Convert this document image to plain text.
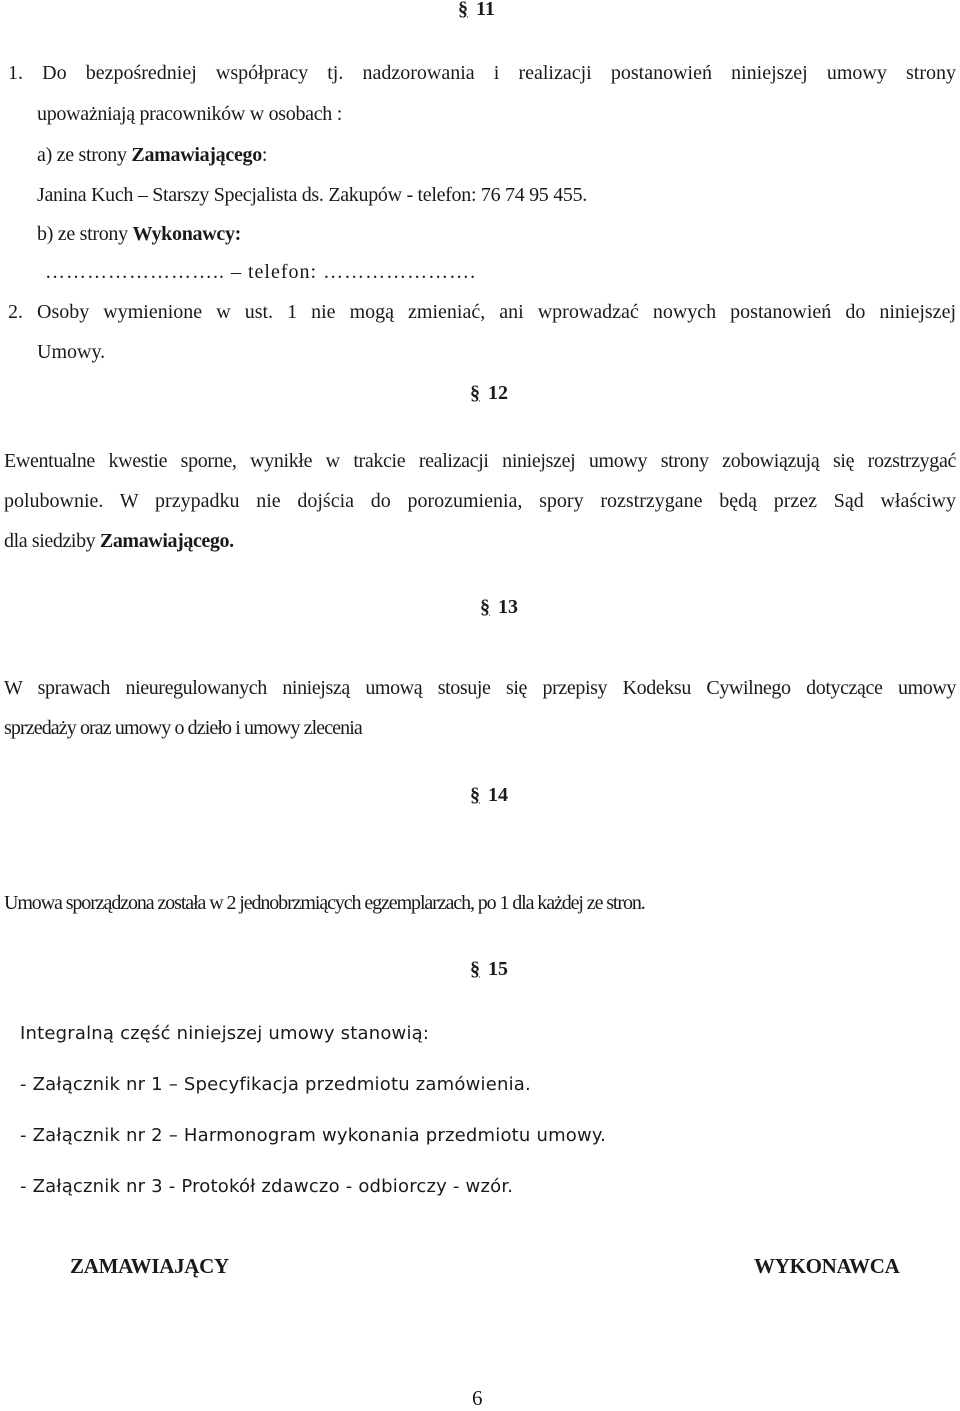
§ 11
1. Do bezpośredniej współpracy tj. nadzorowania i realizacji postanowień niniejszej umowy strony
upoważniają pracowników w osobach :
a) ze strony Zamawiającego:
Janina Kuch – Starszy Specjalista ds. Zakupów - telefon: 76 74 95 455.
b) ze strony Wykonawcy:
…………………….. – telefon: ………………….
2. Osoby wymienione w ust. 1 nie mogą zmieniać, ani wprowadzać nowych postanowień do niniejszej
Umowy.
§ 12
Ewentualne kwestie sporne, wynikłe w trakcie realizacji niniejszej umowy strony zobowiązują się rozstrzygać
polubownie. W przypadku nie dojścia do porozumienia, spory rozstrzygane będą przez Sąd właściwy
dla siedziby Zamawiającego.
§ 13
W sprawach nieuregulowanych niniejszą umową stosuje się przepisy Kodeksu Cywilnego dotyczące umowy
sprzedaży oraz umowy o dzieło i umowy zlecenia
§ 14
Umowa sporządzona została w 2 jednobrzmiących egzemplarzach, po 1 dla każdej ze stron.
§ 15
Integralną część niniejszej umowy stanowią:
- Załącznik nr 1 – Specyfikacja przedmiotu zamówienia.
- Załącznik nr 2 – Harmonogram wykonania przedmiotu umowy.
- Załącznik nr 3 - Protokół zdawczo - odbiorczy - wzór.
ZAMAWIAJĄCY	WYKONAWCA
6
